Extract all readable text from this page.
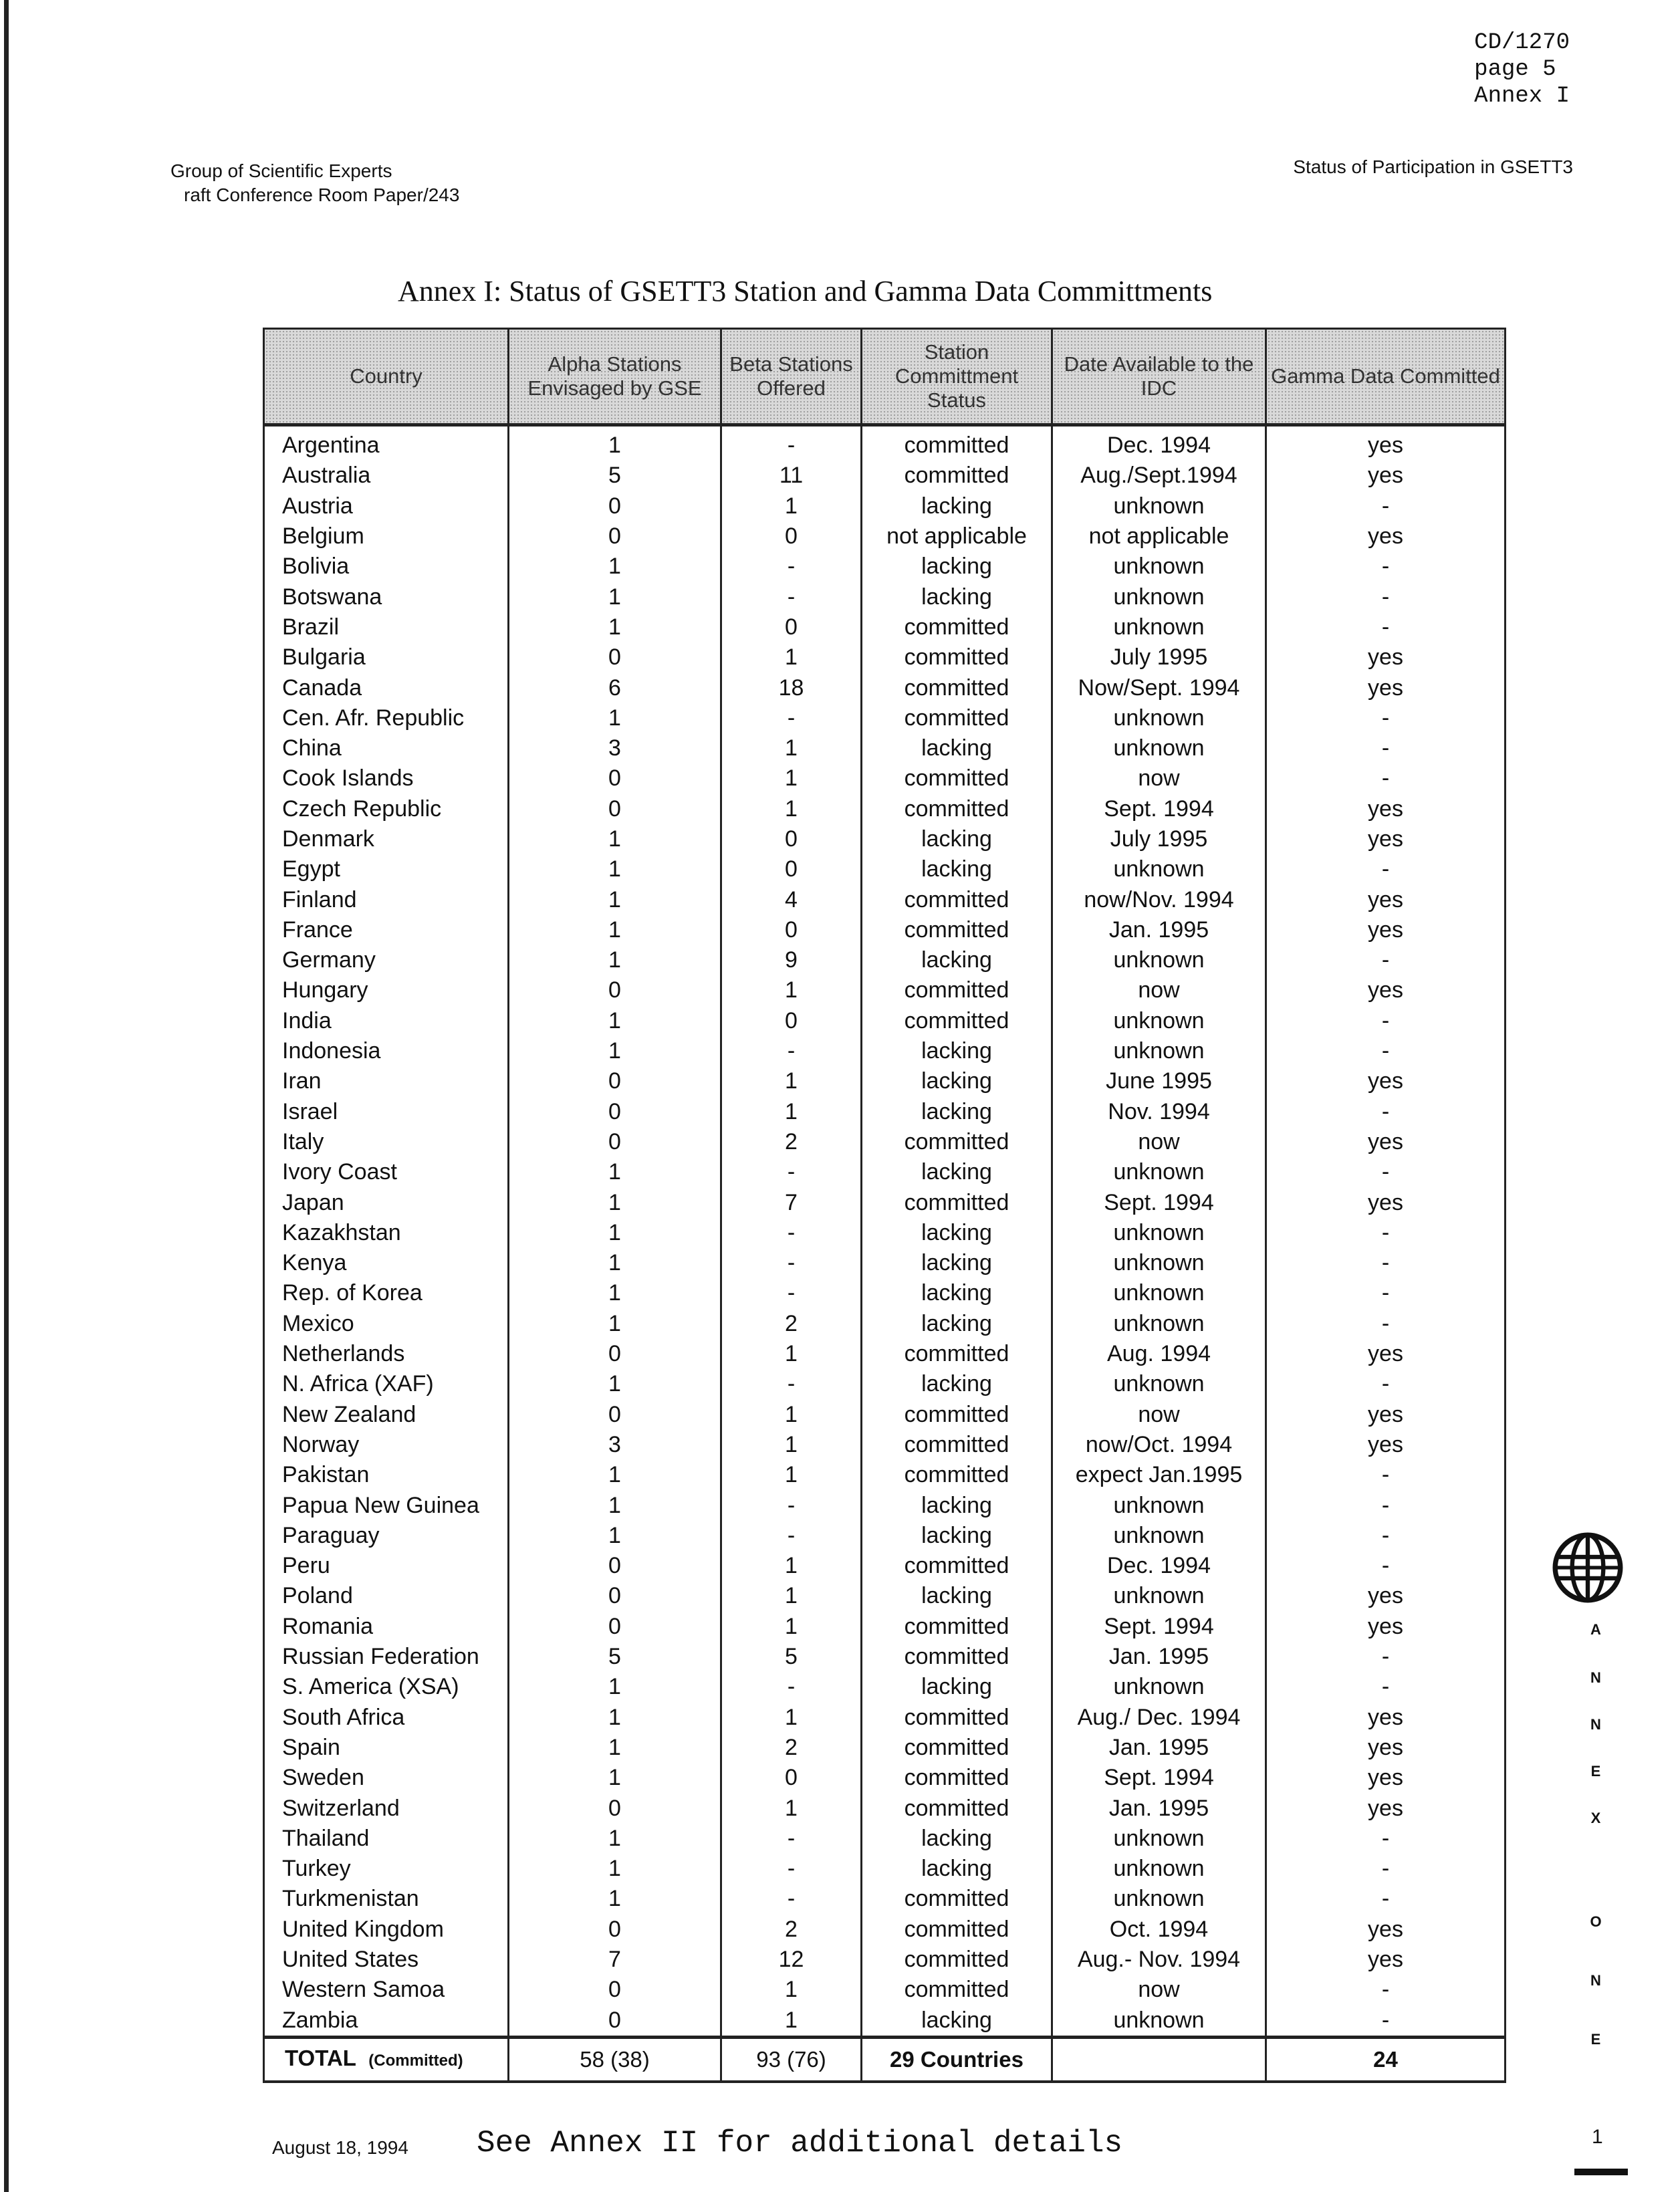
CD/1270
page 5
Annex I
Group of Scientific Experts
raft Conference Room Paper/243
Status of Participation in GSETT3
Annex I: Status of GSETT3 Station and Gamma Data Committments
Country	Alpha Stations Envisaged by GSE	Beta Stations Offered	Station Committment Status	Date Available to the IDC	Gamma Data Committed
Argentina	1	-	committed	Dec. 1994	yes
Australia	5	11	committed	Aug./Sept.1994	yes
Austria	0	1	lacking	unknown	-
Belgium	0	0	not applicable	not applicable	yes
Bolivia	1	-	lacking	unknown	-
Botswana	1	-	lacking	unknown	-
Brazil	1	0	committed	unknown	-
Bulgaria	0	1	committed	July 1995	yes
Canada	6	18	committed	Now/Sept. 1994	yes
Cen. Afr. Republic	1	-	committed	unknown	-
China	3	1	lacking	unknown	-
Cook Islands	0	1	committed	now	-
Czech Republic	0	1	committed	Sept. 1994	yes
Denmark	1	0	lacking	July 1995	yes
Egypt	1	0	lacking	unknown	-
Finland	1	4	committed	now/Nov. 1994	yes
France	1	0	committed	Jan. 1995	yes
Germany	1	9	lacking	unknown	-
Hungary	0	1	committed	now	yes
India	1	0	committed	unknown	-
Indonesia	1	-	lacking	unknown	-
Iran	0	1	lacking	June 1995	yes
Israel	0	1	lacking	Nov. 1994	-
Italy	0	2	committed	now	yes
Ivory Coast	1	-	lacking	unknown	-
Japan	1	7	committed	Sept. 1994	yes
Kazakhstan	1	-	lacking	unknown	-
Kenya	1	-	lacking	unknown	-
Rep. of Korea	1	-	lacking	unknown	-
Mexico	1	2	lacking	unknown	-
Netherlands	0	1	committed	Aug. 1994	yes
N. Africa (XAF)	1	-	lacking	unknown	-
New Zealand	0	1	committed	now	yes
Norway	3	1	committed	now/Oct. 1994	yes
Pakistan	1	1	committed	expect Jan.1995	-
Papua New Guinea	1	-	lacking	unknown	-
Paraguay	1	-	lacking	unknown	-
Peru	0	1	committed	Dec. 1994	-
Poland	0	1	lacking	unknown	yes
Romania	0	1	committed	Sept. 1994	yes
Russian Federation	5	5	committed	Jan. 1995	-
S. America (XSA)	1	-	lacking	unknown	-
South Africa	1	1	committed	Aug./ Dec. 1994	yes
Spain	1	2	committed	Jan. 1995	yes
Sweden	1	0	committed	Sept. 1994	yes
Switzerland	0	1	committed	Jan. 1995	yes
Thailand	1	-	lacking	unknown	-
Turkey	1	-	lacking	unknown	-
Turkmenistan	1	-	committed	unknown	-
United Kingdom	0	2	committed	Oct. 1994	yes
United States	7	12	committed	Aug.- Nov. 1994	yes
Western Samoa	0	1	committed	now	-
Zambia	0	1	lacking	unknown	-
TOTAL (Committed)	58 (38)	93 (76)	29 Countries		24
A
N
N
E
X
O
N
E
August 18, 1994 See Annex II for additional details	1
